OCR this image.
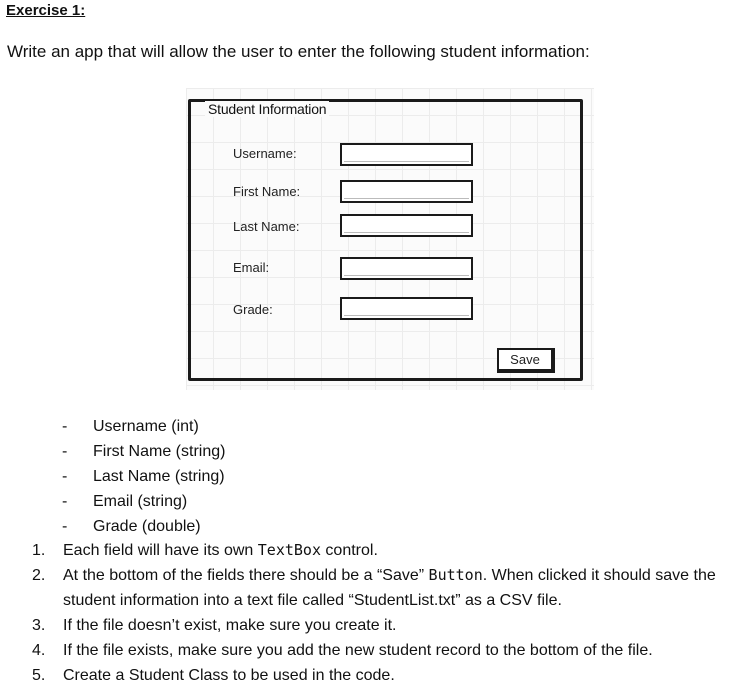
Exercise 1:

Write an app that will allow the user to enter the following student information:

Student Information
Username:
First Name:
Last Name:
Email:
Grade:
Save
- Username (int)
- First Name (string)
- Last Name (string)
- Email (string)
- Grade (double)
1. Each field will have its own TextBox control.
2. At the bottom of the fields there should be a “Save” Button. When clicked it should save the student information into a text file called “StudentList.txt” as a CSV file.
3. If the file doesn’t exist, make sure you create it.
4. If the file exists, make sure you add the new student record to the bottom of the file.
5. Create a Student Class to be used in the code.
